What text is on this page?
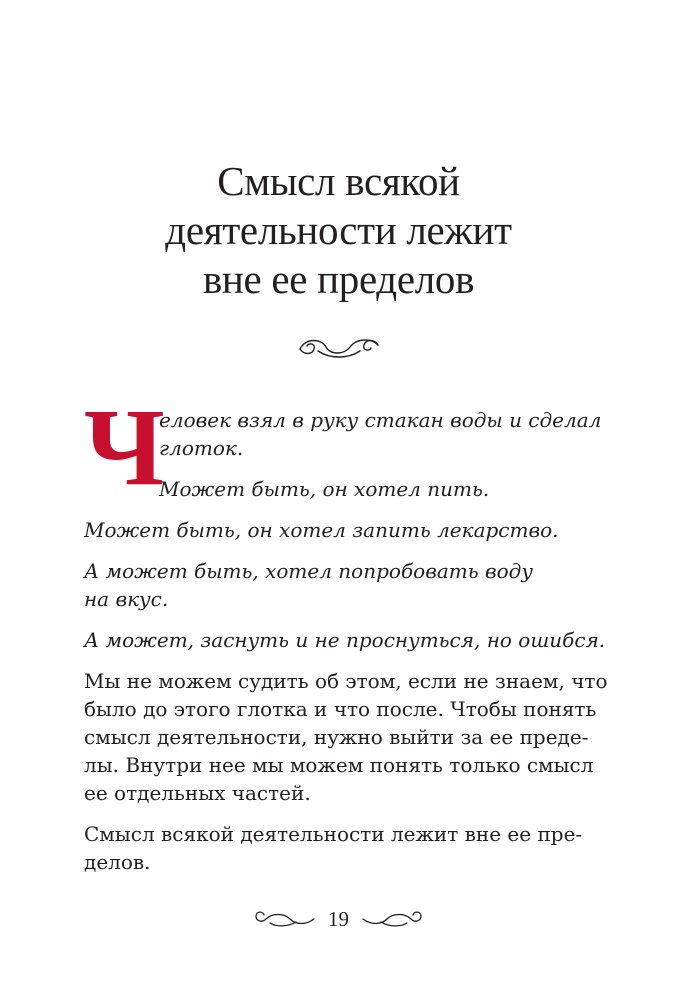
Смысл всякой
деятельности лежит
вне ее пределов
Ч
еловек взял в руку стакан воды и сделал
глоток.
Может быть, он хотел пить.
Может быть, он хотел запить лекарство.
А может быть, хотел попробовать воду
на вкус.
А может, заснуть и не проснуться, но ошибся.
Мы не можем судить об этом, если не знаем, что
было до этого глотка и что после. Чтобы понять
смысл деятельности, нужно выйти за ее преде-
лы. Внутри нее мы можем понять только смысл
ее отдельных частей.
Смысл всякой деятельности лежит вне ее пре-
делов.
19
